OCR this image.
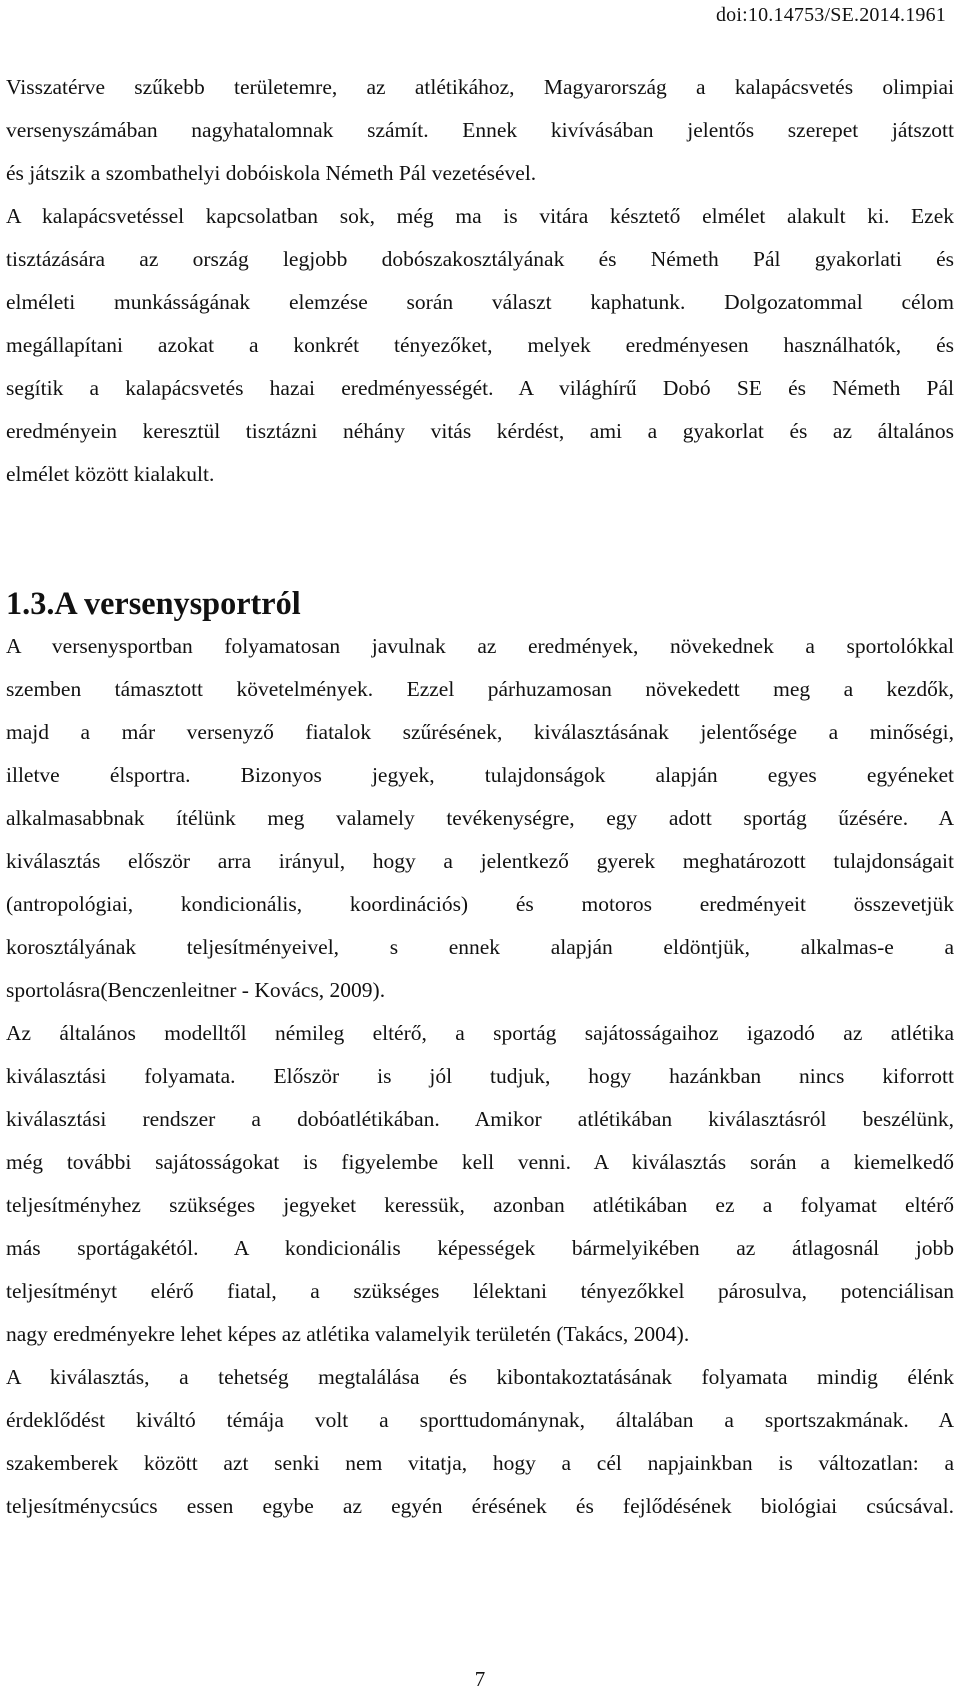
doi:10.14753/SE.2014.1961

Visszatérve szűkebb területemre, az atlétikához, Magyarország a kalapácsvetés olimpiai

versenyszámában nagyhatalomnak számít. Ennek kivívásában jelentős szerepet játszott

és játszik a szombathelyi dobóiskola Németh Pál vezetésével.

A kalapácsvetéssel kapcsolatban sok, még ma is vitára késztető elmélet alakult ki. Ezek

tisztázására az ország legjobb dobószakosztályának és Németh Pál gyakorlati és

elméleti munkásságának elemzése során választ kaphatunk. Dolgozatommal célom

megállapítani azokat a konkrét tényezőket, melyek eredményesen használhatók, és

segítik a kalapácsvetés hazai eredményességét. A világhírű Dobó SE és Németh Pál

eredményein keresztül tisztázni néhány vitás kérdést, ami a gyakorlat és az általános

elmélet között kialakult.

1.3.A versenysportról

A versenysportban folyamatosan javulnak az eredmények, növekednek a sportolókkal

szemben támasztott követelmények. Ezzel párhuzamosan növekedett meg a kezdők,

majd a már versenyző fiatalok szűrésének, kiválasztásának jelentősége a minőségi,

illetve élsportra. Bizonyos jegyek, tulajdonságok alapján egyes egyéneket

alkalmasabbnak ítélünk meg valamely tevékenységre, egy adott sportág űzésére. A

kiválasztás először arra irányul, hogy a jelentkező gyerek meghatározott tulajdonságait

(antropológiai, kondicionális, koordinációs) és motoros eredményeit összevetjük

korosztályának teljesítményeivel, s ennek alapján eldöntjük, alkalmas-e a

sportolásra(Benczenleitner - Kovács, 2009).

Az általános modelltől némileg eltérő, a sportág sajátosságaihoz igazodó az atlétika

kiválasztási folyamata. Először is jól tudjuk, hogy hazánkban nincs kiforrott

kiválasztási rendszer a dobóatlétikában. Amikor atlétikában kiválasztásról beszélünk,

még további sajátosságokat is figyelembe kell venni. A kiválasztás során a kiemelkedő

teljesítményhez szükséges jegyeket keressük, azonban atlétikában ez a folyamat eltérő

más sportágakétól. A kondicionális képességek bármelyikében az átlagosnál jobb

teljesítményt elérő fiatal, a szükséges lélektani tényezőkkel párosulva, potenciálisan

nagy eredményekre lehet képes az atlétika valamelyik területén (Takács, 2004).

A kiválasztás, a tehetség megtalálása és kibontakoztatásának folyamata mindig élénk

érdeklődést kiváltó témája volt a sporttudománynak, általában a sportszakmának. A

szakemberek között azt senki nem vitatja, hogy a cél napjainkban is változatlan: a

teljesítménycsúcs essen egybe az egyén érésének és fejlődésének biológiai csúcsával.

7
